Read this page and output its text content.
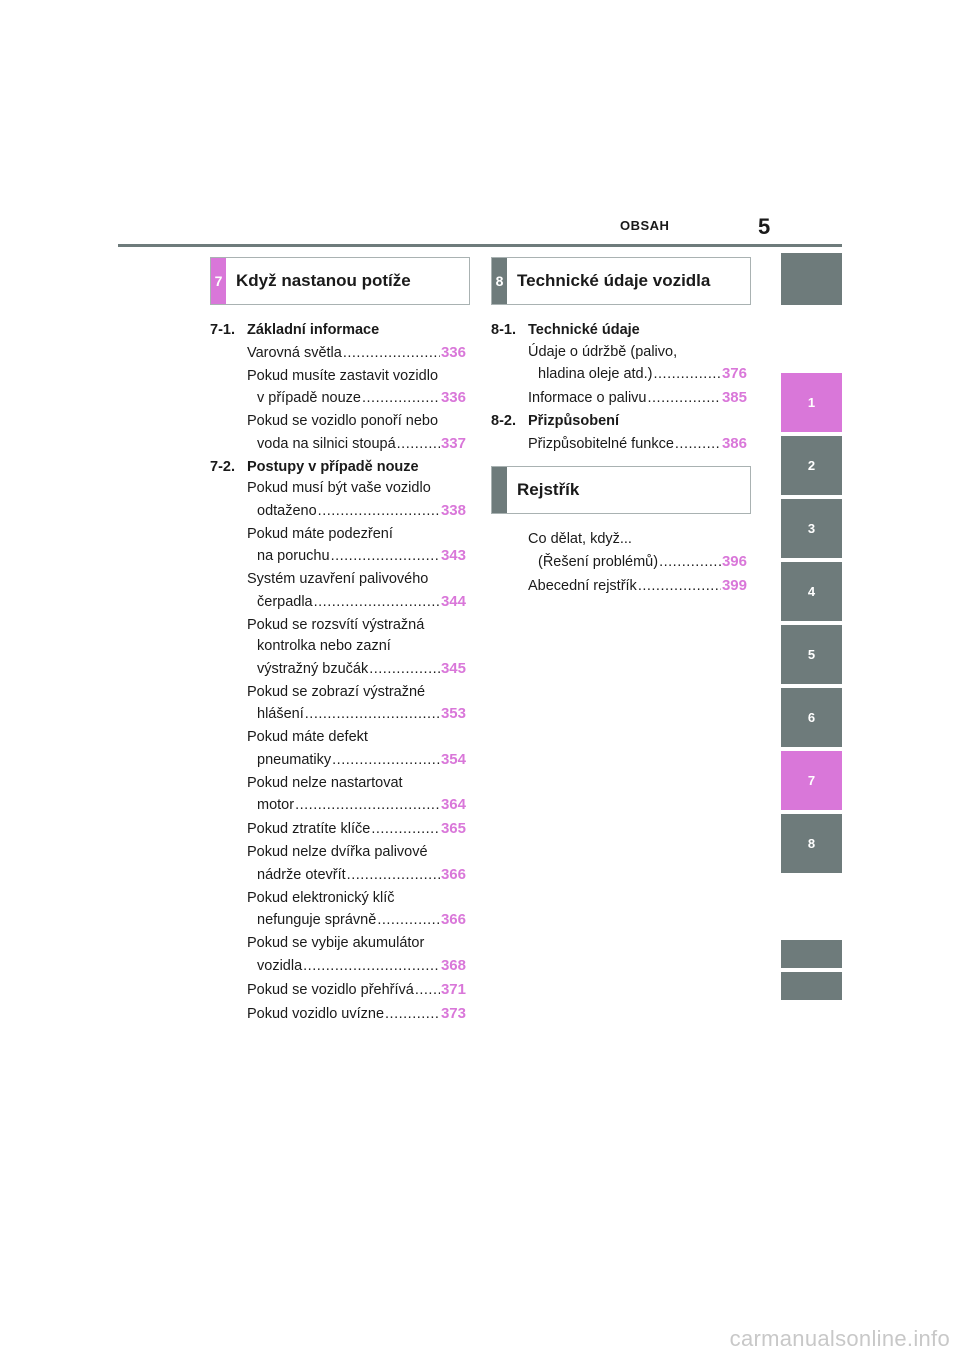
OBSAH	5
7 Když nastanou potíže
7-1. Základní informace
Varovná světla .....	336
Pokud musíte zastavit vozidlo
v případě nouze .....	336
Pokud se vozidlo ponoří nebo
voda na silnici stoupá .....	337
7-2. Postupy v případě nouze
Pokud musí být vaše vozidlo
odtaženo .....	338
Pokud máte podezření
na poruchu .....	343
Systém uzavření palivového
čerpadla .....	344
Pokud se rozsvítí výstražná
kontrolka nebo zazní
výstražný bzučák .....	345
Pokud se zobrazí výstražné
hlášení .....	353
Pokud máte defekt
pneumatiky .....	354
Pokud nelze nastartovat
motor .....	364
Pokud ztratíte klíče .....	365
Pokud nelze dvířka palivové
nádrže otevřít .....	366
Pokud elektronický klíč
nefunguje správně .....	366
Pokud se vybije akumulátor
vozidla .....	368
Pokud se vozidlo přehřívá ..... 371
Pokud vozidlo uvízne .....	373
8 Technické údaje vozidla
8-1. Technické údaje
Údaje o údržbě (palivo,
hladina oleje atd.) .....	376
Informace o palivu .....	385
8-2. Přizpůsobení
Přizpůsobitelné funkce .....	386
Rejstřík
Co dělat, když...
(Řešení problémů) .....	396
Abecední rejstřík .....	399
1
2
3
4
5
6
7
8
carmanualsonline.info
